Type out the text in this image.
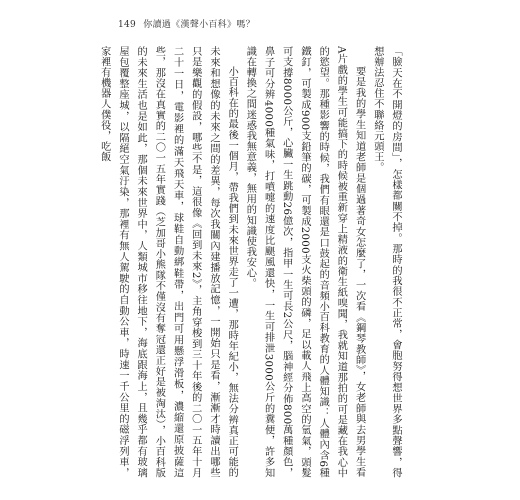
149 你讀過《漢聲小百科》嗎？

「臉天在不開燈的房間」，怎樣都關不掉。那時的我很不正常，會胞努得想世界多點聲響，得想辦法忍住不聯絡元頭王。

要是我的學生知道老師是個過著奇女怎麼了，一次看《鋼琴教師》，女老師與去男學生看A片戲的學生可能搞下的時候被重新穿上精液的衛生紙嗅聞，我就知道那拍的可是藏在我心中的慾望。那種影響的時候，我們有眼還是口鼓起的音頻小百科教育的人體知識：人體內含6種鐵釘，可製成900支鉛筆的碳，可製成2000支火柴頭的磷，足以載人飛上高空的氫氣，頭髮可支撐8000公斤，心臟一生跳動26億次，指甲一生可長2公尺，腦神經分佈800萬種顏色，鼻子可分辨4000種氣味，打噴嚏的速度比颶風還快，一生可排泄3000公斤的糞便，許多知識在轉換之間迷惑我無意義，無用的知識使我安心。

小百科在的最後一個月，帶我們到未來世界走了一遭，那時年紀小，無法分辨真正可能的未來和想像的未來之間的差異，每次我關內建播放記憶，一開始只是看，漸漸才時讀出哪些只是樂觀的假設，哪些不是，這很像《回到未來2》，主角穿梭到三十年後的二〇一五年十月二十一日，電影裡的滿天飛天車，球鞋自動綁鞋帶，出門可用懸浮滑板，濃縮還原披薩這些，那沒在真實的二〇一五年實踐（芝加哥小熊隊不僅沒有奪冠還正好是被淘汰），小百科版的未來生活也是如此，那個未來世界中，人類城市移往地下，海底跟海上，且幾乎都有玻璃屋包覆整座城，以隔絕空氣汙染，那裡有無人駕駛的自動公車，時速一千公里的磁浮列車，家裡有機器人僕役，吃飯
